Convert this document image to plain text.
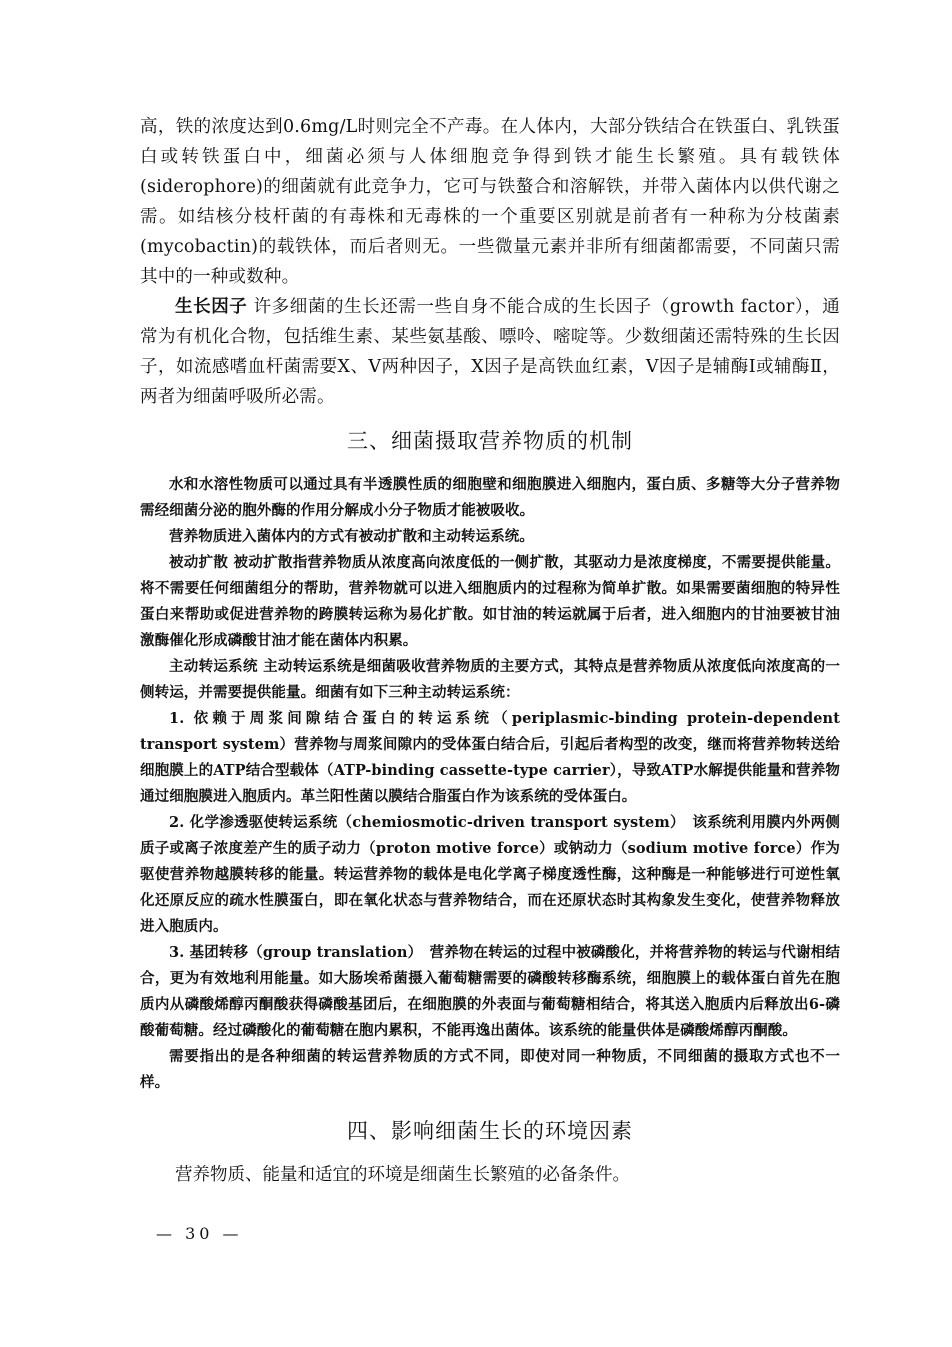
高，铁的浓度达到0.6mg/L时则完全不产毒。在人体内，大部分铁结合在铁蛋白、乳铁蛋白或转铁蛋白中，细菌必须与人体细胞竞争得到铁才能生长繁殖。具有载铁体(siderophore)的细菌就有此竞争力，它可与铁螯合和溶解铁，并带入菌体内以供代谢之需。如结核分枝杆菌的有毒株和无毒株的一个重要区别就是前者有一种称为分枝菌素(mycobactin)的载铁体，而后者则无。一些微量元素并非所有细菌都需要，不同菌只需其中的一种或数种。

生长因子 许多细菌的生长还需一些自身不能合成的生长因子（growth factor），通常为有机化合物，包括维生素、某些氨基酸、嘌呤、嘧啶等。少数细菌还需特殊的生长因子，如流感嗜血杆菌需要X、V两种因子，X因子是高铁血红素，V因子是辅酶Ⅰ或辅酶Ⅱ，两者为细菌呼吸所必需。

三、细菌摄取营养物质的机制

水和水溶性物质可以通过具有半透膜性质的细胞壁和细胞膜进入细胞内，蛋白质、多糖等大分子营养物需经细菌分泌的胞外酶的作用分解成小分子物质才能被吸收。

营养物质进入菌体内的方式有被动扩散和主动转运系统。

被动扩散 被动扩散指营养物质从浓度高向浓度低的一侧扩散，其驱动力是浓度梯度，不需要提供能量。将不需要任何细菌组分的帮助，营养物就可以进入细胞质内的过程称为简单扩散。如果需要菌细胞的特异性蛋白来帮助或促进营养物的跨膜转运称为易化扩散。如甘油的转运就属于后者，进入细胞内的甘油要被甘油激酶催化形成磷酸甘油才能在菌体内积累。

主动转运系统 主动转运系统是细菌吸收营养物质的主要方式，其特点是营养物质从浓度低向浓度高的一侧转运，并需要提供能量。细菌有如下三种主动转运系统：

1. 依赖于周浆间隙结合蛋白的转运系统（periplasmic-binding protein-dependent transport system）营养物与周浆间隙内的受体蛋白结合后，引起后者构型的改变，继而将营养物转送给细胞膜上的ATP结合型载体（ATP-binding cassette-type carrier），导致ATP水解提供能量和营养物通过细胞膜进入胞质内。革兰阳性菌以膜结合脂蛋白作为该系统的受体蛋白。

2. 化学渗透驱使转运系统（chemiosmotic-driven transport system）　该系统利用膜内外两侧质子或离子浓度差产生的质子动力（proton motive force）或钠动力（sodium motive force）作为驱使营养物越膜转移的能量。转运营养物的载体是电化学离子梯度透性酶，这种酶是一种能够进行可逆性氧化还原反应的疏水性膜蛋白，即在氧化状态与营养物结合，而在还原状态时其构象发生变化，使营养物释放进入胞质内。

3. 基团转移（group translation）　营养物在转运的过程中被磷酸化，并将营养物的转运与代谢相结合，更为有效地利用能量。如大肠埃希菌摄入葡萄糖需要的磷酸转移酶系统，细胞膜上的载体蛋白首先在胞质内从磷酸烯醇丙酮酸获得磷酸基团后，在细胞膜的外表面与葡萄糖相结合，将其送入胞质内后释放出6-磷酸葡萄糖。经过磷酸化的葡萄糖在胞内累积，不能再逸出菌体。该系统的能量供体是磷酸烯醇丙酮酸。

需要指出的是各种细菌的转运营养物质的方式不同，即使对同一种物质，不同细菌的摄取方式也不一样。

四、影响细菌生长的环境因素

营养物质、能量和适宜的环境是细菌生长繁殖的必备条件。

— 30 —
